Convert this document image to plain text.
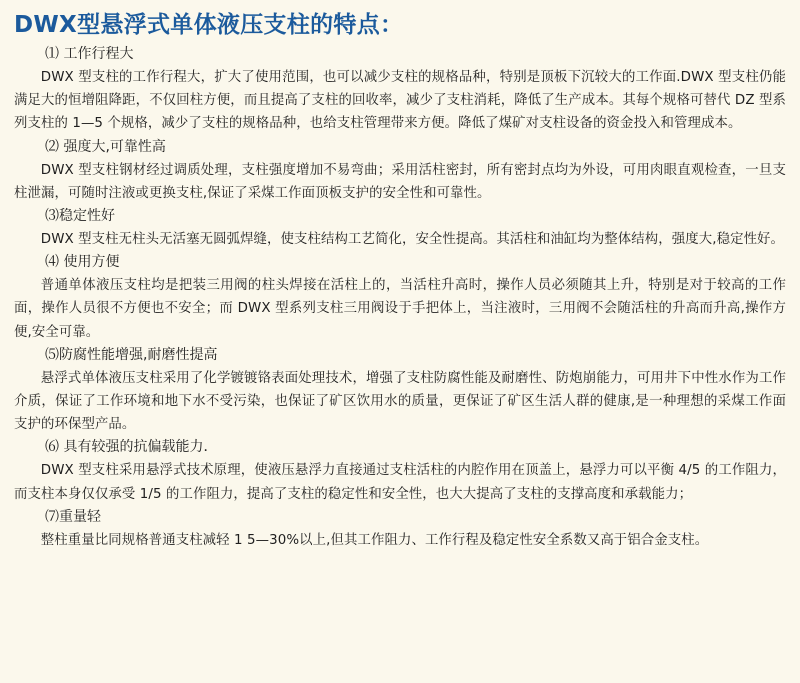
DWX型悬浮式单体液压支柱的特点：
⑴ 工作行程大
DWX 型支柱的工作行程大，扩大了使用范围，也可以减少支柱的规格品种，特别是顶板下沉较大的工作面.DWX 型支柱仍能满足大的恒增阻降距，不仅回柱方便，而且提高了支柱的回收率，减少了支柱消耗，降低了生产成本。其每个规格可替代 DZ 型系列支柱的 1—5 个规格，减少了支柱的规格品种，也给支柱管理带来方便。降低了煤矿对支柱设备的资金投入和管理成本。
⑵ 强度大,可靠性高
DWX 型支柱钢材经过调质处理，支柱强度增加不易弯曲；采用活柱密封，所有密封点均为外设，可用肉眼直观检查，一旦支柱泄漏，可随时注液或更换支柱,保证了采煤工作面顶板支护的安全性和可靠性。
⑶稳定性好
DWX 型支柱无柱头无活塞无圆弧焊缝，使支柱结构工艺简化，安全性提高。其活柱和油缸均为整体结构，强度大,稳定性好。
⑷ 使用方便
普通单体液压支柱均是把装三用阀的柱头焊接在活柱上的，当活柱升高时，操作人员必须随其上升，特别是对于较高的工作面，操作人员很不方便也不安全；而 DWX 型系列支柱三用阀设于手把体上，当注液时，三用阀不会随活柱的升高而升高,操作方便,安全可靠。
⑸防腐性能增强,耐磨性提高
悬浮式单体液压支柱采用了化学镀镀铬表面处理技术，增强了支柱防腐性能及耐磨性、防炮崩能力，可用井下中性水作为工作介质，保证了工作环境和地下水不受污染，也保证了矿区饮用水的质量，更保证了矿区生活人群的健康,是一种理想的采煤工作面支护的环保型产品。
⑹ 具有较强的抗偏载能力．
DWX 型支柱采用悬浮式技术原理，使液压悬浮力直接通过支柱活柱的内腔作用在顶盖上，悬浮力可以平衡 4/5 的工作阻力，而支柱本身仅仅承受 1/5 的工作阻力，提高了支柱的稳定性和安全性，也大大提高了支柱的支撑高度和承载能力；
⑺重量轻
整柱重量比同规格普通支柱减轻 1 5—30%以上,但其工作阻力、工作行程及稳定性安全系数又高于铝合金支柱。
